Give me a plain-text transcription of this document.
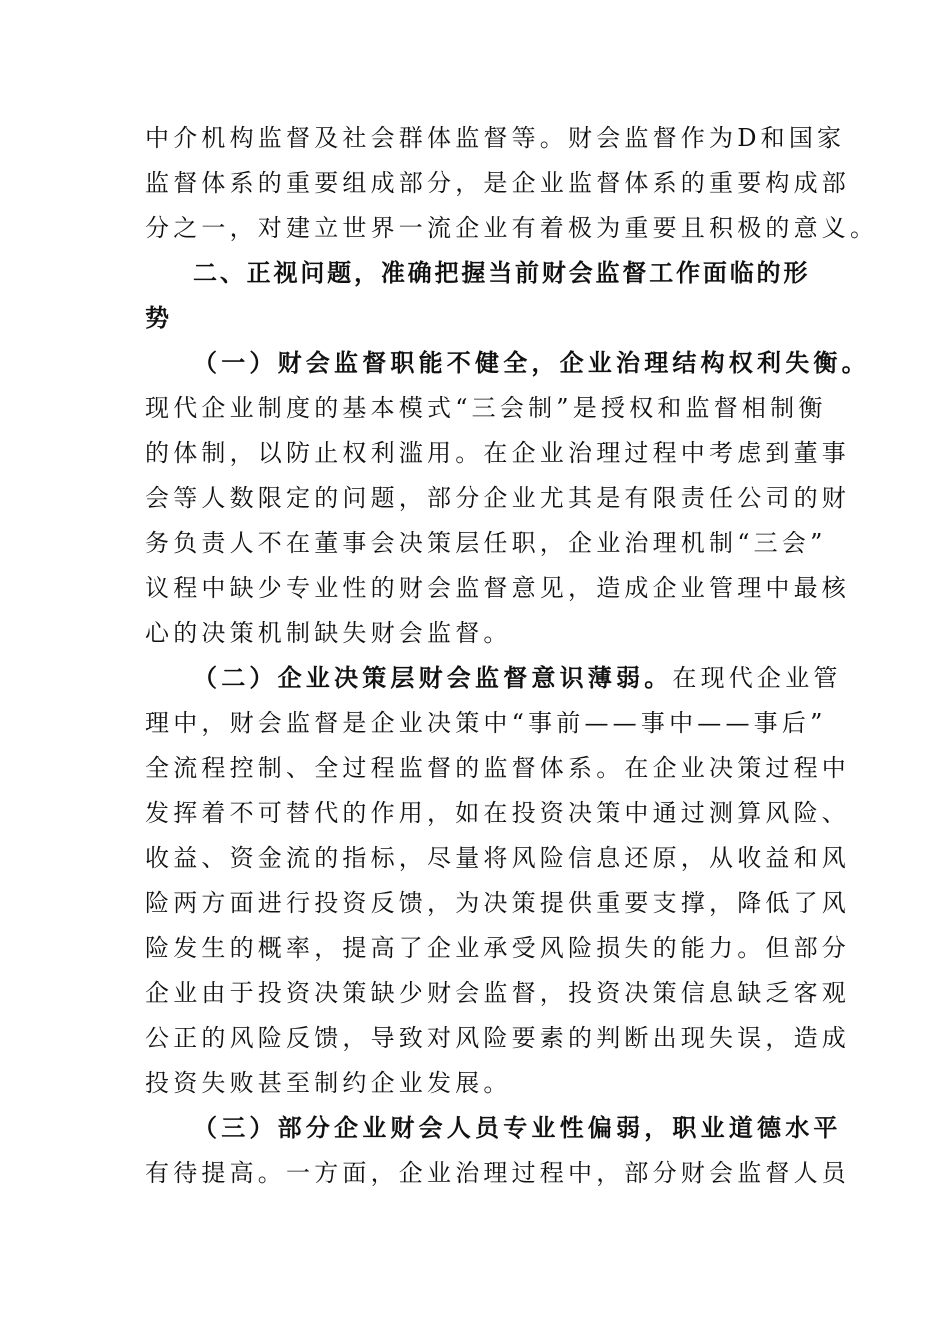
中介机构监督及社会群体监督等。财会监督作为D和国家
监督体系的重要组成部分，是企业监督体系的重要构成部
分之一，对建立世界一流企业有着极为重要且积极的意义。
二、正视问题，准确把握当前财会监督工作面临的形
势
（一）财会监督职能不健全，企业治理结构权利失衡。
现代企业制度的基本模式“三会制”是授权和监督相制衡
的体制，以防止权利滥用。在企业治理过程中考虑到董事
会等人数限定的问题，部分企业尤其是有限责任公司的财
务负责人不在董事会决策层任职，企业治理机制“三会”
议程中缺少专业性的财会监督意见，造成企业管理中最核
心的决策机制缺失财会监督。
（二）企业决策层财会监督意识薄弱。在现代企业管
理中，财会监督是企业决策中“事前——事中——事后”
全流程控制、全过程监督的监督体系。在企业决策过程中
发挥着不可替代的作用，如在投资决策中通过测算风险、
收益、资金流的指标，尽量将风险信息还原，从收益和风
险两方面进行投资反馈，为决策提供重要支撑，降低了风
险发生的概率，提高了企业承受风险损失的能力。但部分
企业由于投资决策缺少财会监督，投资决策信息缺乏客观
公正的风险反馈，导致对风险要素的判断出现失误，造成
投资失败甚至制约企业发展。
（三）部分企业财会人员专业性偏弱，职业道德水平
有待提高。一方面，企业治理过程中，部分财会监督人员
